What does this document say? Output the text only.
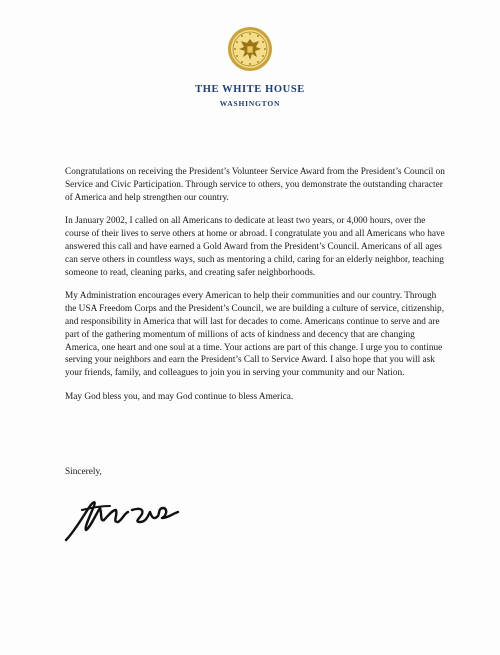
THE WHITE HOUSE
WASHINGTON

Congratulations on receiving the President’s Volunteer Service Award from the President’s Council on Service and Civic Participation. Through service to others, you demonstrate the outstanding character of America and help strengthen our country.

In January 2002, I called on all Americans to dedicate at least two years, or 4,000 hours, over the course of their lives to serve others at home or abroad. I congratulate you and all Americans who have answered this call and have earned a Gold Award from the President’s Council. Americans of all ages can serve others in countless ways, such as mentoring a child, caring for an elderly neighbor, teaching someone to read, cleaning parks, and creating safer neighborhoods.

My Administration encourages every American to help their communities and our country. Through the USA Freedom Corps and the President’s Council, we are building a culture of service, citizenship, and responsibility in America that will last for decades to come. Americans continue to serve and are part of the gathering momentum of millions of acts of kindness and decency that are changing America, one heart and one soul at a time. Your actions are part of this change. I urge you to continue serving your neighbors and earn the President’s Call to Service Award. I also hope that you will ask your friends, family, and colleagues to join you in serving your community and our Nation.

May God bless you, and may God continue to bless America.

Sincerely,
